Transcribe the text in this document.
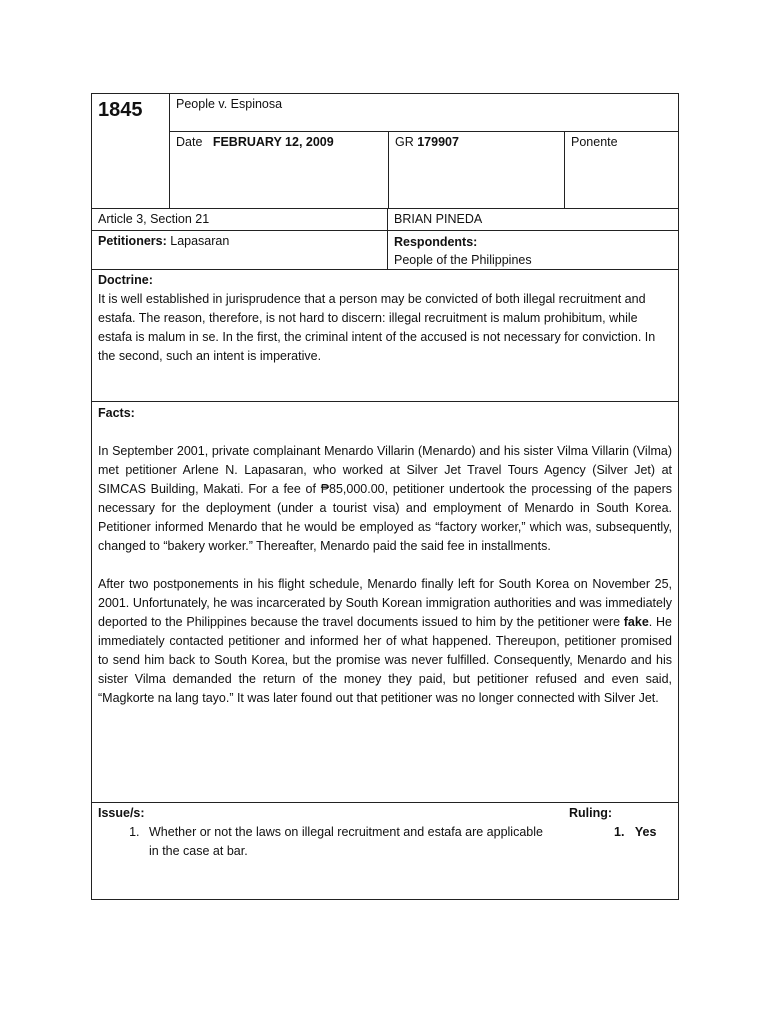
1845	People v. Espinosa
Date FEBRUARY 12, 2009	GR 179907	Ponente
Article 3, Section 21	BRIAN PINEDA
Petitioners: Lapasaran	Respondents:
People of the Philippines
Doctrine:

It is well established in jurisprudence that a person may be convicted of both illegal recruitment and estafa. The reason, therefore, is not hard to discern: illegal recruitment is malum prohibitum, while estafa is malum in se. In the first, the criminal intent of the accused is not necessary for conviction. In the second, such an intent is imperative.

Facts:

In September 2001, private complainant Menardo Villarin (Menardo) and his sister Vilma Villarin (Vilma) met petitioner Arlene N. Lapasaran, who worked at Silver Jet Travel Tours Agency (Silver Jet) at SIMCAS Building, Makati. For a fee of ₱85,000.00, petitioner undertook the processing of the papers necessary for the deployment (under a tourist visa) and employment of Menardo in South Korea. Petitioner informed Menardo that he would be employed as “factory worker,” which was, subsequently, changed to “bakery worker.” Thereafter, Menardo paid the said fee in installments.

After two postponements in his flight schedule, Menardo finally left for South Korea on November 25, 2001. Unfortunately, he was incarcerated by South Korean immigration authorities and was immediately deported to the Philippines because the travel documents issued to him by the petitioner were fake. He immediately contacted petitioner and informed her of what happened. Thereupon, petitioner promised to send him back to South Korea, but the promise was never fulfilled. Consequently, Menardo and his sister Vilma demanded the return of the money they paid, but petitioner refused and even said, “Magkorte na lang tayo.” It was later found out that petitioner was no longer connected with Silver Jet.

Issue/s:
1. Whether or not the laws on illegal recruitment and estafa are applicable in the case at bar.
Ruling:
1. Yes
